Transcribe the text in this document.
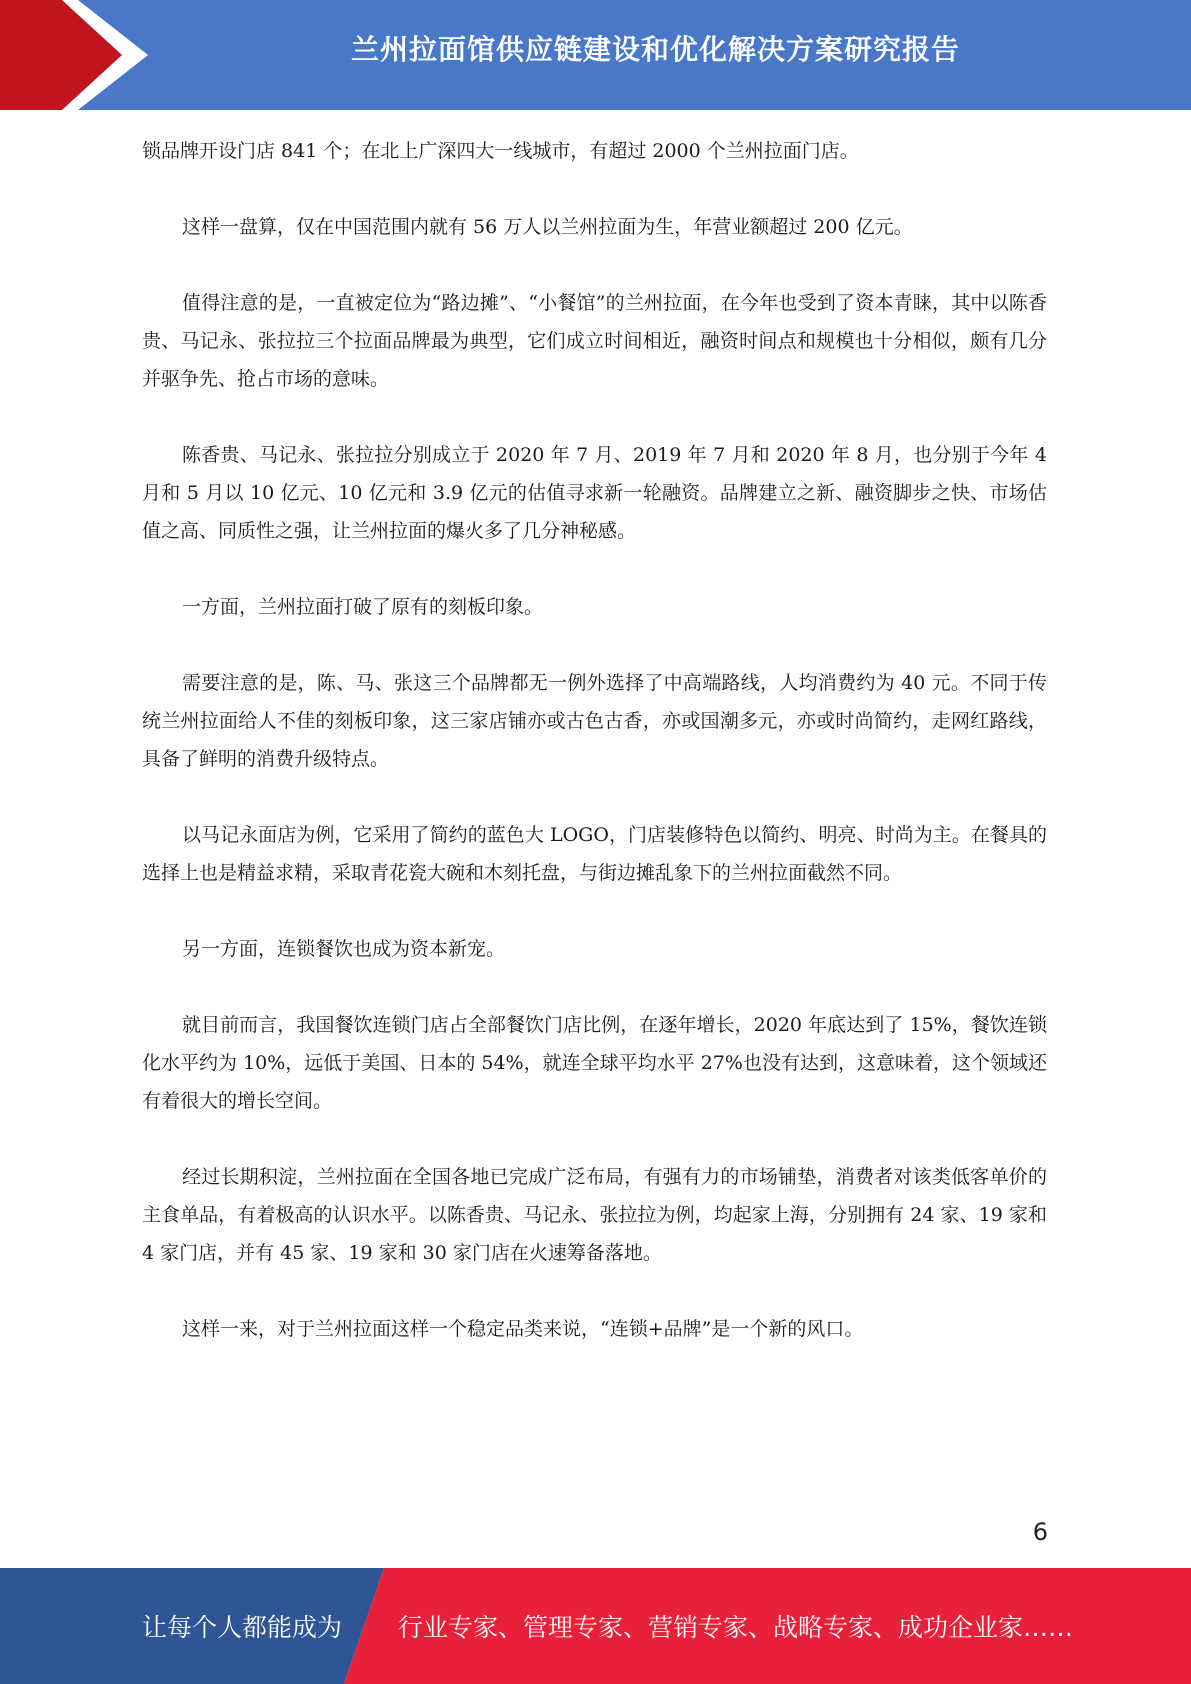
兰州拉面馆供应链建设和优化解决方案研究报告

锁品牌开设门店 841 个；在北上广深四大一线城市，有超过 2000 个兰州拉面门店。

这样一盘算，仅在中国范围内就有 56 万人以兰州拉面为生，年营业额超过 200 亿元。

值得注意的是，一直被定位为“路边摊”、“小餐馆”的兰州拉面，在今年也受到了资本青睐，其中以陈香贵、马记永、张拉拉三个拉面品牌最为典型，它们成立时间相近，融资时间点和规模也十分相似，颇有几分并驱争先、抢占市场的意味。

陈香贵、马记永、张拉拉分别成立于 2020 年 7 月、2019 年 7 月和 2020 年 8 月，也分别于今年 4 月和 5 月以 10 亿元、10 亿元和 3.9 亿元的估值寻求新一轮融资。品牌建立之新、融资脚步之快、市场估值之高、同质性之强，让兰州拉面的爆火多了几分神秘感。

一方面，兰州拉面打破了原有的刻板印象。

需要注意的是，陈、马、张这三个品牌都无一例外选择了中高端路线，人均消费约为 40 元。不同于传统兰州拉面给人不佳的刻板印象，这三家店铺亦或古色古香，亦或国潮多元，亦或时尚简约，走网红路线，具备了鲜明的消费升级特点。

以马记永面店为例，它采用了简约的蓝色大 LOGO，门店装修特色以简约、明亮、时尚为主。在餐具的选择上也是精益求精，采取青花瓷大碗和木刻托盘，与街边摊乱象下的兰州拉面截然不同。

另一方面，连锁餐饮也成为资本新宠。

就目前而言，我国餐饮连锁门店占全部餐饮门店比例，在逐年增长，2020 年底达到了 15%，餐饮连锁化水平约为 10%，远低于美国、日本的 54%，就连全球平均水平 27%也没有达到，这意味着，这个领域还有着很大的增长空间。

经过长期积淀，兰州拉面在全国各地已完成广泛布局，有强有力的市场铺垫，消费者对该类低客单价的主食单品，有着极高的认识水平。以陈香贵、马记永、张拉拉为例，均起家上海，分别拥有 24 家、19 家和 4 家门店，并有 45 家、19 家和 30 家门店在火速筹备落地。

这样一来，对于兰州拉面这样一个稳定品类来说，“连锁+品牌”是一个新的风口。

6
让每个人都能成为 行业专家、管理专家、营销专家、战略专家、成功企业家……
